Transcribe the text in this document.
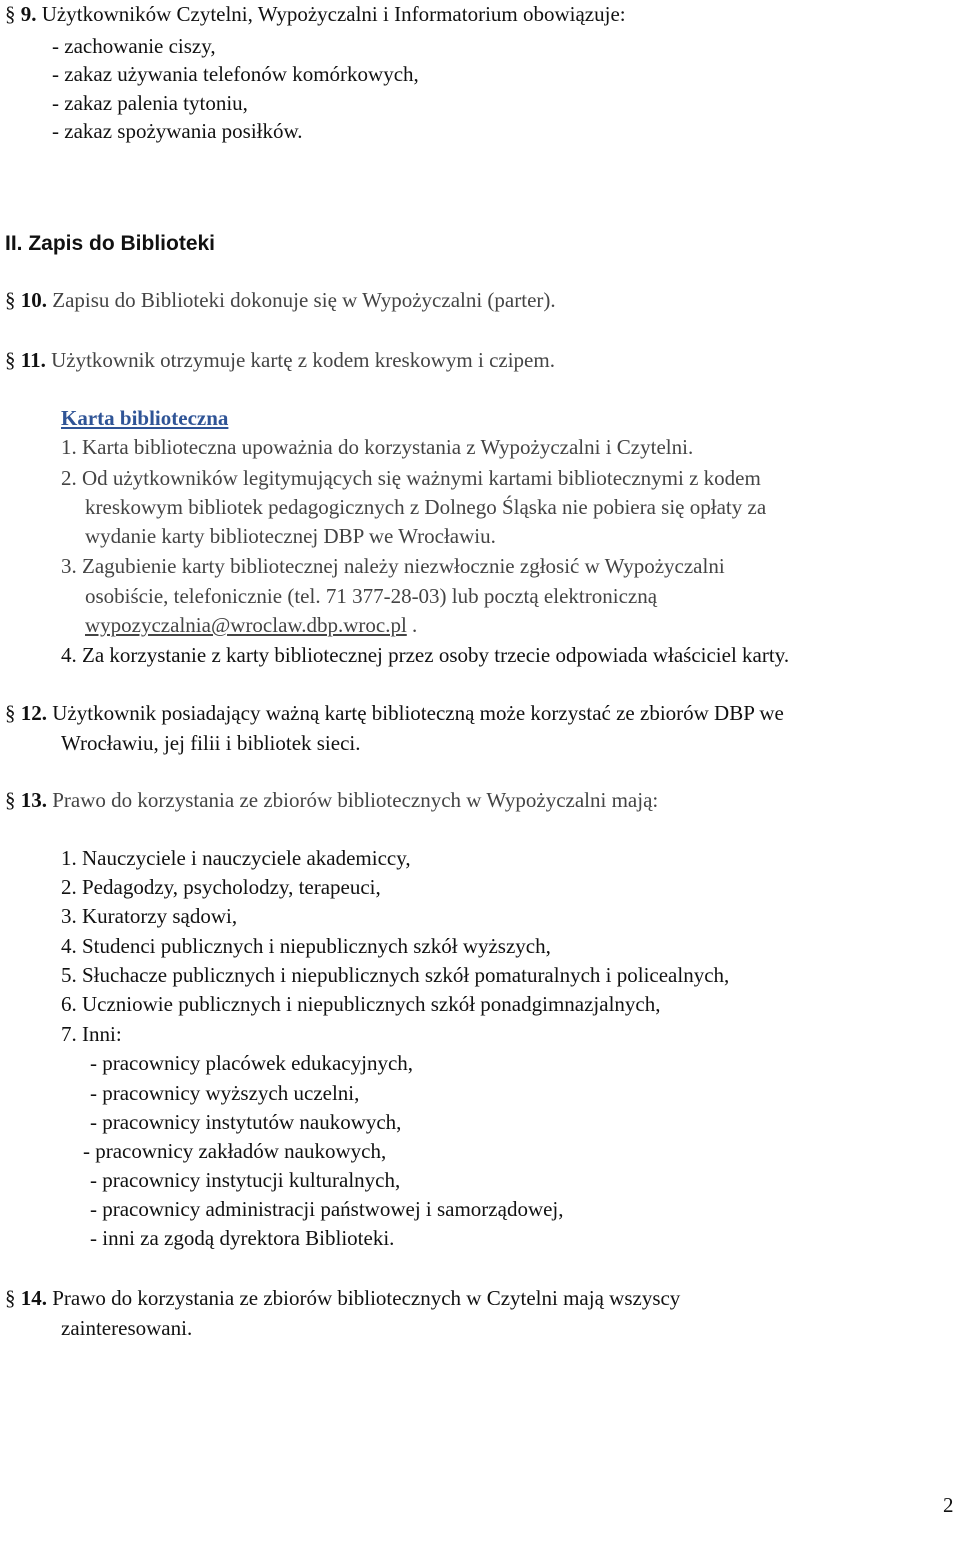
§ 9. Użytkowników Czytelni, Wypożyczalni i Informatorium obowiązuje:
- zachowanie ciszy,
- zakaz używania telefonów komórkowych,
- zakaz palenia tytoniu,
- zakaz spożywania posiłków.
II. Zapis do Biblioteki
§ 10. Zapisu do Biblioteki dokonuje się w Wypożyczalni (parter).
§ 11. Użytkownik otrzymuje kartę z kodem kreskowym i czipem.
Karta biblioteczna
1. Karta biblioteczna upoważnia do korzystania z Wypożyczalni i Czytelni.
2. Od użytkowników legitymujących się ważnymi kartami bibliotecznymi z kodem
kreskowym bibliotek pedagogicznych z Dolnego Śląska nie pobiera się opłaty za
wydanie karty bibliotecznej DBP we Wrocławiu.
3. Zagubienie karty bibliotecznej należy niezwłocznie zgłosić w Wypożyczalni
osobiście, telefonicznie (tel. 71 377-28-03) lub pocztą elektroniczną
wypozyczalnia@wroclaw.dbp.wroc.pl .
4. Za korzystanie z karty bibliotecznej przez osoby trzecie odpowiada właściciel karty.
§ 12. Użytkownik posiadający ważną kartę biblioteczną może korzystać ze zbiorów DBP we
Wrocławiu, jej filii i bibliotek sieci.
§ 13. Prawo do korzystania ze zbiorów bibliotecznych w Wypożyczalni mają:
1. Nauczyciele i nauczyciele akademiccy,
2. Pedagodzy, psycholodzy, terapeuci,
3. Kuratorzy sądowi,
4. Studenci publicznych i niepublicznych szkół wyższych,
5. Słuchacze publicznych i niepublicznych szkół pomaturalnych i policealnych,
6. Uczniowie publicznych i niepublicznych szkół ponadgimnazjalnych,
7. Inni:
- pracownicy placówek edukacyjnych,
- pracownicy wyższych uczelni,
- pracownicy instytutów naukowych,
- pracownicy zakładów naukowych,
- pracownicy instytucji kulturalnych,
- pracownicy administracji państwowej i samorządowej,
- inni za zgodą dyrektora Biblioteki.
§ 14. Prawo do korzystania ze zbiorów bibliotecznych w Czytelni mają wszyscy
zainteresowani.
2
